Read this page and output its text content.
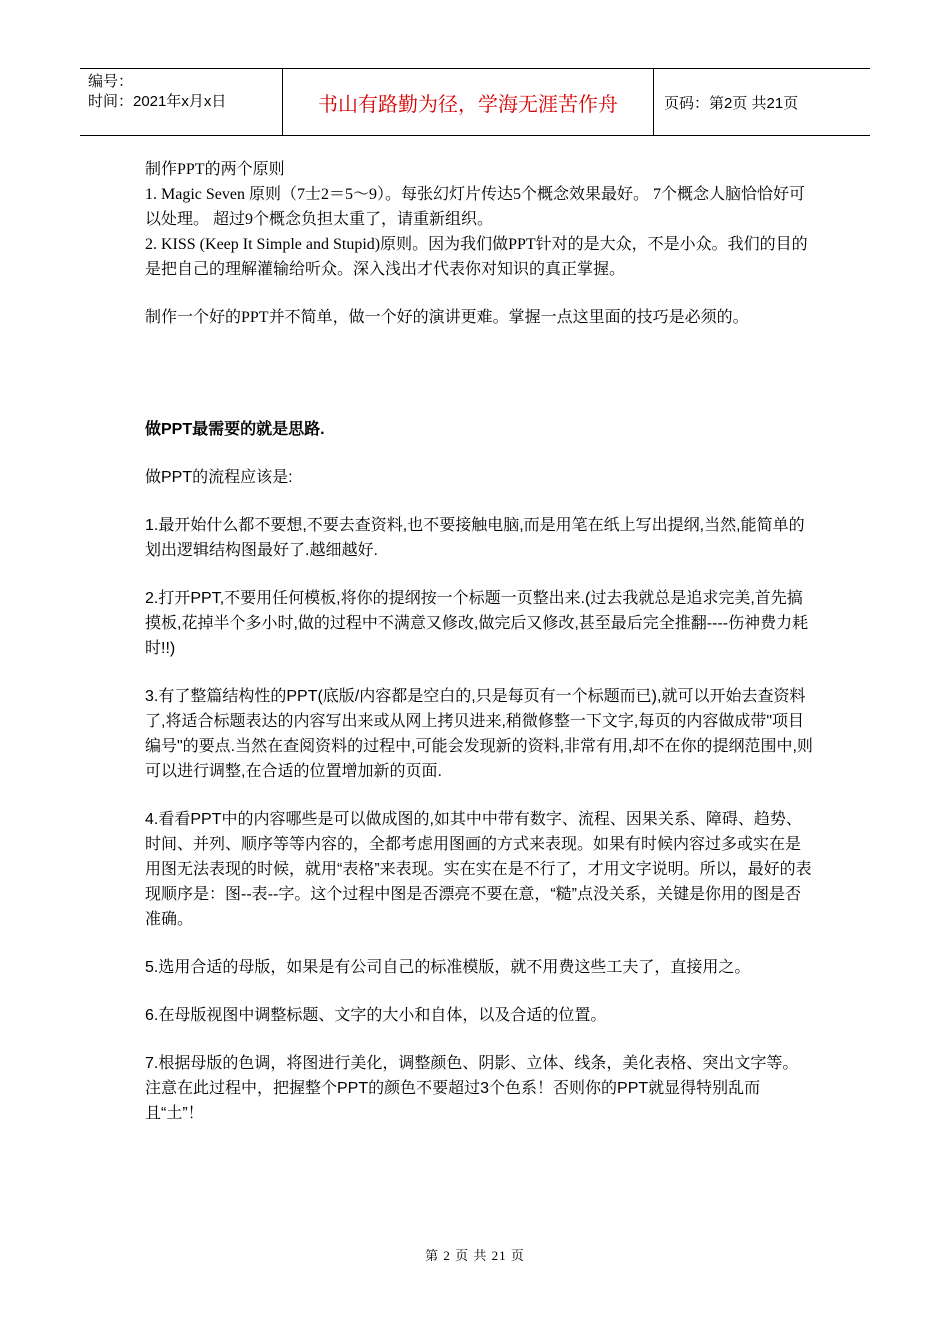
编号：
时间：2021年x月x日	书山有路勤为径，学海无涯苦作舟	页码：第2页 共21页

制作PPT的两个原则

1. Magic Seven 原则（7士2＝5～9）。每张幻灯片传达5个概念效果最好。 7个概念人脑恰恰好可以处理。 超过9个概念负担太重了，请重新组织。

2. KISS (Keep It Simple and Stupid)原则。因为我们做PPT针对的是大众，不是小众。我们的目的是把自己的理解灌输给听众。深入浅出才代表你对知识的真正掌握。

制作一个好的PPT并不简单，做一个好的演讲更难。掌握一点这里面的技巧是必须的。

做PPT最需要的就是思路.

做PPT的流程应该是:

1.最开始什么都不要想,不要去查资料,也不要接触电脑,而是用笔在纸上写出提纲,当然,能简单的划出逻辑结构图最好了.越细越好.

2.打开PPT,不要用任何模板,将你的提纲按一个标题一页整出来.(过去我就总是追求完美,首先搞摸板,花掉半个多小时,做的过程中不满意又修改,做完后又修改,甚至最后完全推翻----伤神费力耗时!!)

3.有了整篇结构性的PPT(底版/内容都是空白的,只是每页有一个标题而已),就可以开始去查资料了,将适合标题表达的内容写出来或从网上拷贝进来,稍微修整一下文字,每页的内容做成带"项目编号"的要点.当然在查阅资料的过程中,可能会发现新的资料,非常有用,却不在你的提纲范围中,则可以进行调整,在合适的位置增加新的页面.

4.看看PPT中的内容哪些是可以做成图的,如其中中带有数字、流程、因果关系、障碍、趋势、时间、并列、顺序等等内容的，全都考虑用图画的方式来表现。如果有时候内容过多或实在是用图无法表现的时候，就用“表格”来表现。实在实在是不行了，才用文字说明。所以，最好的表现顺序是：图--表--字。这个过程中图是否漂亮不要在意，“糙”点没关系，关键是你用的图是否准确。

5.选用合适的母版，如果是有公司自己的标准模版，就不用费这些工夫了，直接用之。

6.在母版视图中调整标题、文字的大小和自体，以及合适的位置。

7.根据母版的色调，将图进行美化，调整颜色、阴影、立体、线条，美化表格、突出文字等。注意在此过程中，把握整个PPT的颜色不要超过3个色系！否则你的PPT就显得特别乱而且“土”！

第 2 页 共 21 页
